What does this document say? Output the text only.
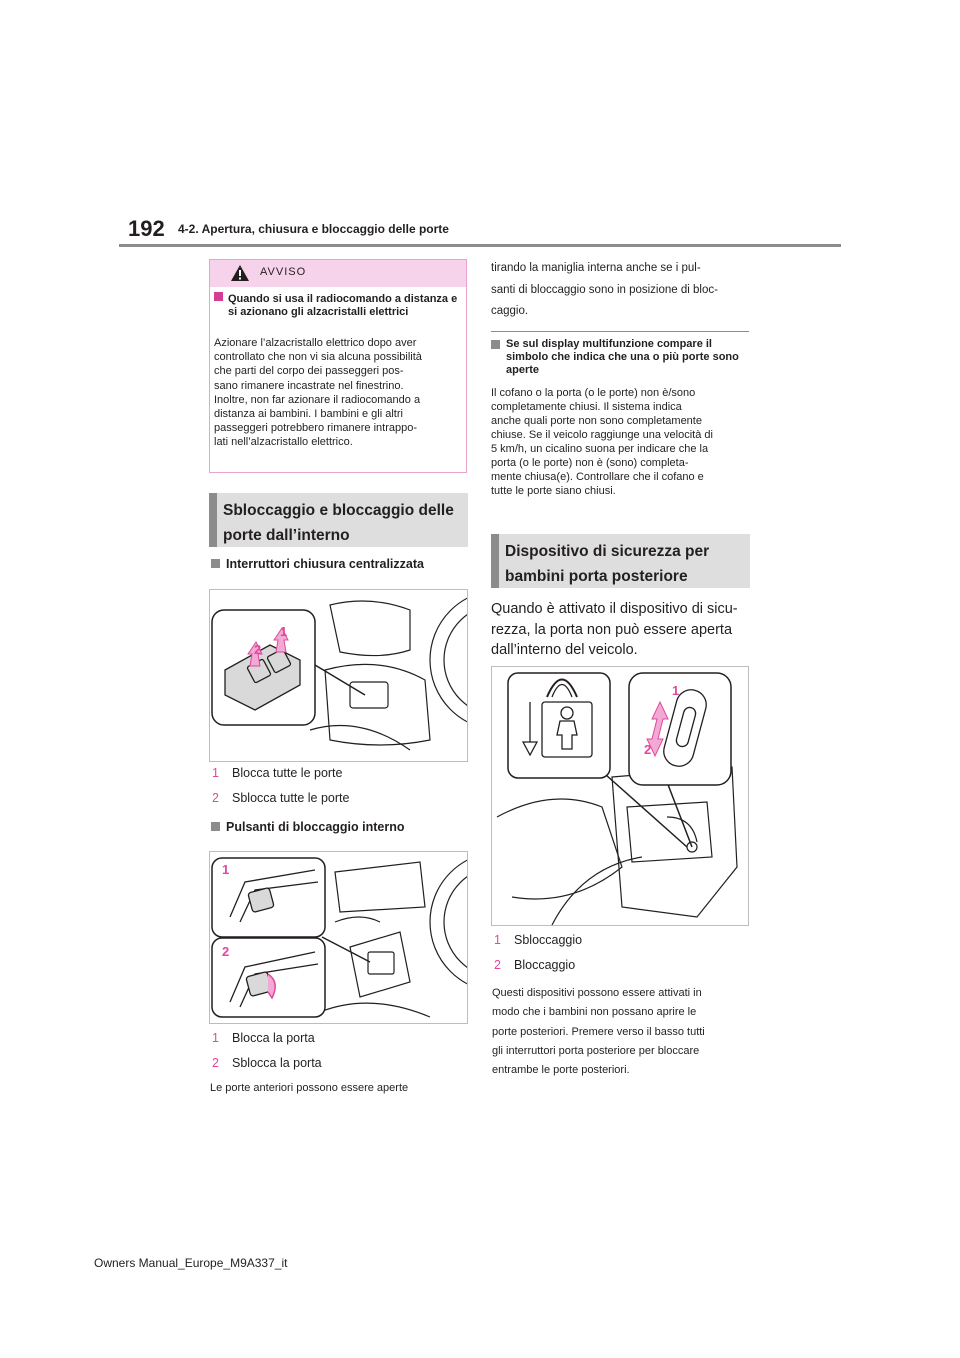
192 4-2. Apertura, chiusura e bloccaggio delle porte
AVVISO
Quando si usa il radiocomando a distanza e si azionano gli alzacristalli elettrici

Azionare l’alzacristallo elettrico dopo aver
controllato che non vi sia alcuna possibilità
che parti del corpo dei passeggeri pos-
sano rimanere incastrate nel finestrino.
Inoltre, non far azionare il radiocomando a
distanza ai bambini. I bambini e gli altri
passeggeri potrebbero rimanere intrappo-
lati nell’alzacristallo elettrico.

Sbloccaggio e bloccaggio delle
porte dall’interno
Interruttori chiusura centralizzata
1
2
1 Blocca tutte le porte
2 Sblocca tutte le porte
Pulsanti di bloccaggio interno
1
2
1 Blocca la porta
2 Sblocca la porta
Le porte anteriori possono essere aperte

tirando la maniglia interna anche se i pul-
santi di bloccaggio sono in posizione di bloc-
caggio.

Se sul display multifunzione compare il simbolo che indica che una o più porte sono aperte

Il cofano o la porta (o le porte) non è/sono
completamente chiusi. Il sistema indica
anche quali porte non sono completamente
chiuse. Se il veicolo raggiunge una velocità di
5 km/h, un cicalino suona per indicare che la
porta (o le porte) non è (sono) completa-
mente chiusa(e). Controllare che il cofano e
tutte le porte siano chiusi.

Dispositivo di sicurezza per
bambini porta posteriore

Quando è attivato il dispositivo di sicu-
rezza, la porta non può essere aperta
dall’interno del veicolo.

1
2
1 Sbloccaggio
2 Bloccaggio

Questi dispositivi possono essere attivati in
modo che i bambini non possano aprire le
porte posteriori. Premere verso il basso tutti
gli interruttori porta posteriore per bloccare
entrambe le porte posteriori.

Owners Manual_Europe_M9A337_it
